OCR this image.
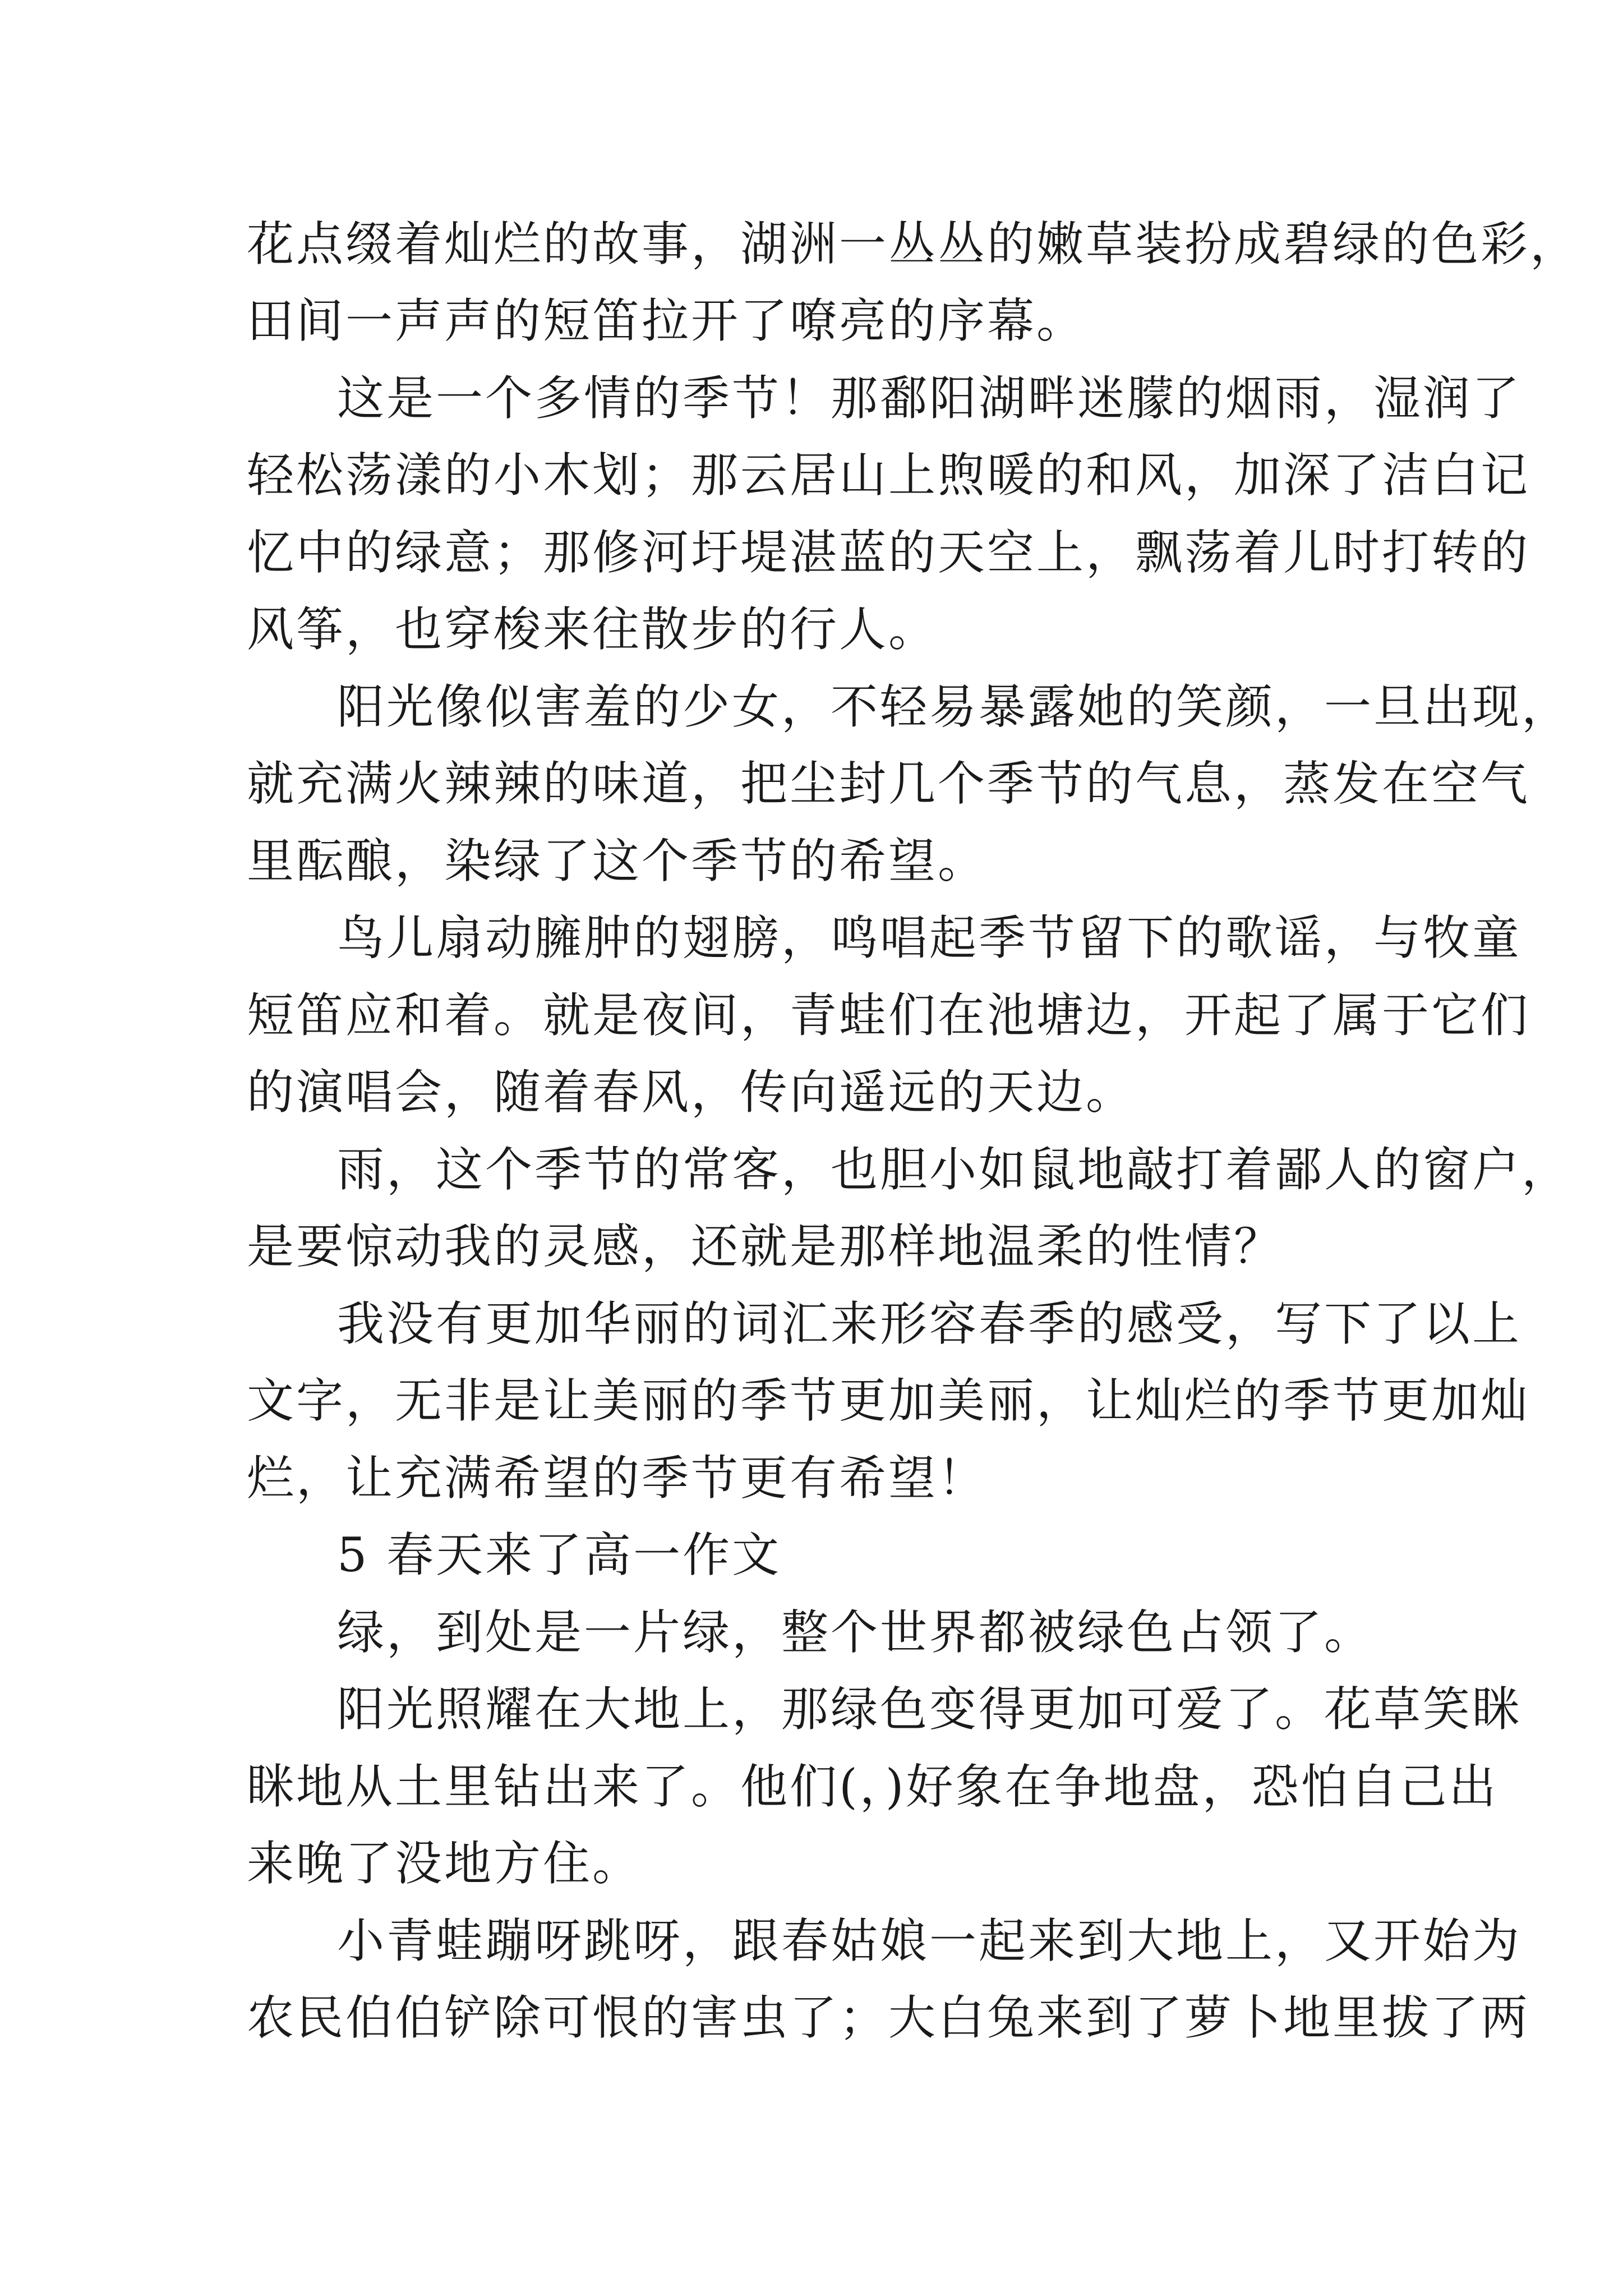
花点缀着灿烂的故事，湖洲一丛丛的嫩草装扮成碧绿的色彩，

田间一声声的短笛拉开了嘹亮的序幕。

这是一个多情的季节！那鄱阳湖畔迷朦的烟雨，湿润了

轻松荡漾的小木划；那云居山上煦暖的和风，加深了洁白记

忆中的绿意；那修河圩堤湛蓝的天空上，飘荡着儿时打转的

风筝，也穿梭来往散步的行人。

阳光像似害羞的少女，不轻易暴露她的笑颜，一旦出现，

就充满火辣辣的味道，把尘封几个季节的气息，蒸发在空气

里酝酿，染绿了这个季节的希望。

鸟儿扇动臃肿的翅膀，鸣唱起季节留下的歌谣，与牧童

短笛应和着。就是夜间，青蛙们在池塘边，开起了属于它们

的演唱会，随着春风，传向遥远的天边。

雨，这个季节的常客，也胆小如鼠地敲打着鄙人的窗户，

是要惊动我的灵感，还就是那样地温柔的性情？

我没有更加华丽的词汇来形容春季的感受，写下了以上

文字，无非是让美丽的季节更加美丽，让灿烂的季节更加灿

烂，让充满希望的季节更有希望！

5 春天来了高一作文

绿，到处是一片绿，整个世界都被绿色占领了。

阳光照耀在大地上，那绿色变得更加可爱了。花草笑眯

眯地从土里钻出来了。他们(，)好象在争地盘，恐怕自己出

来晚了没地方住。

小青蛙蹦呀跳呀，跟春姑娘一起来到大地上，又开始为

农民伯伯铲除可恨的害虫了；大白兔来到了萝卜地里拔了两
